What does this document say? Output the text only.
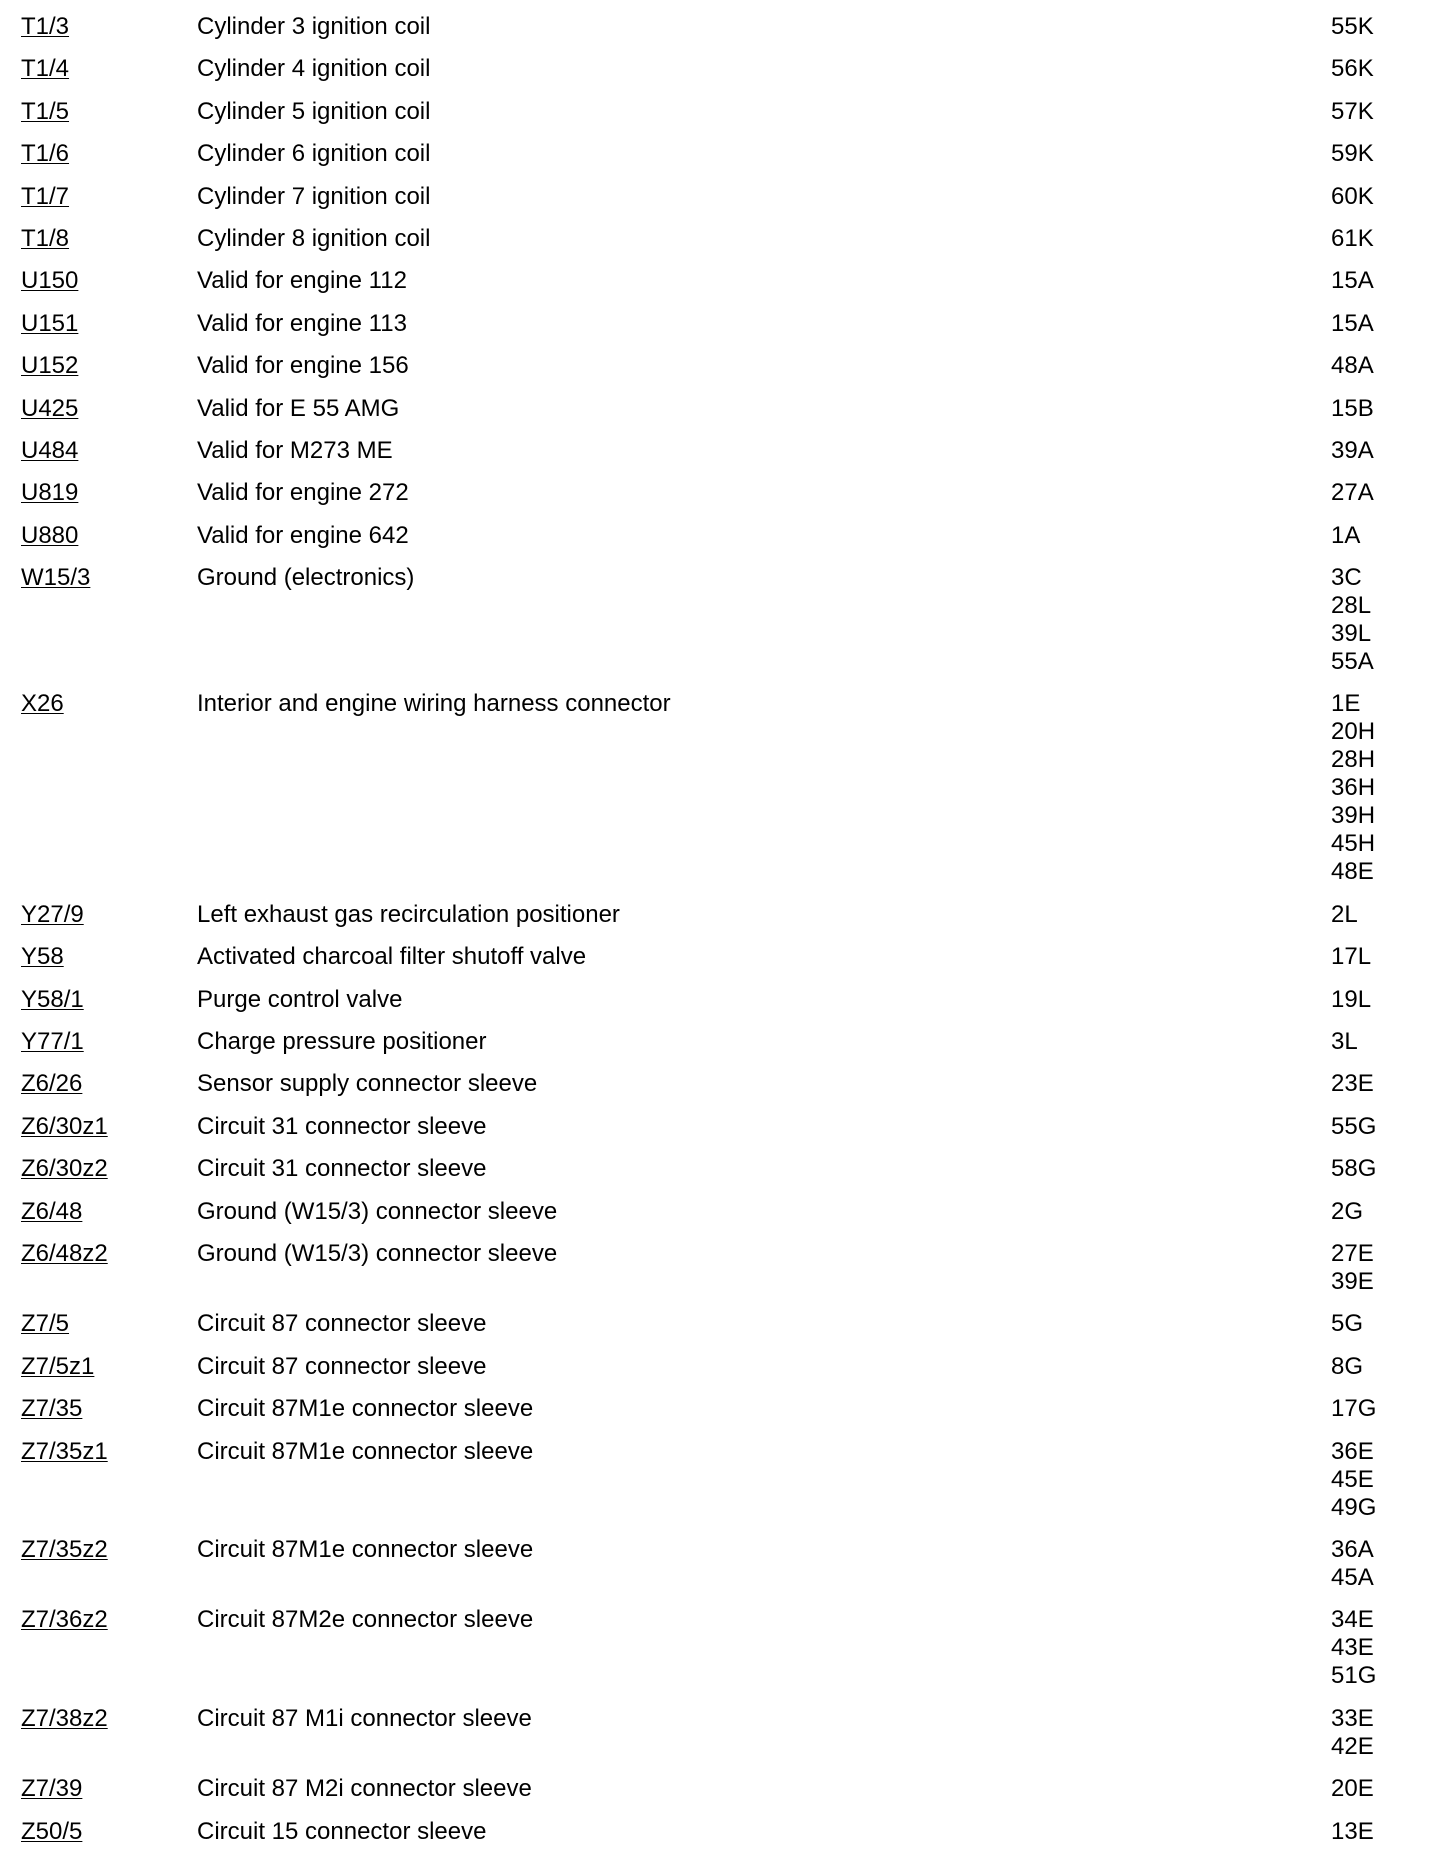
T1/3	Cylinder 3 ignition coil	55K
T1/4	Cylinder 4 ignition coil	56K
T1/5	Cylinder 5 ignition coil	57K
T1/6	Cylinder 6 ignition coil	59K
T1/7	Cylinder 7 ignition coil	60K
T1/8	Cylinder 8 ignition coil	61K
U150	Valid for engine 112	15A
U151	Valid for engine 113	15A
U152	Valid for engine 156	48A
U425	Valid for E 55 AMG	15B
U484	Valid for M273 ME	39A
U819	Valid for engine 272	27A
U880	Valid for engine 642	1A
W15/3	Ground (electronics)	3C
28L
39L
55A
X26	Interior and engine wiring harness connector	1E
20H
28H
36H
39H
45H
48E
Y27/9	Left exhaust gas recirculation positioner	2L
Y58	Activated charcoal filter shutoff valve	17L
Y58/1	Purge control valve	19L
Y77/1	Charge pressure positioner	3L
Z6/26	Sensor supply connector sleeve	23E
Z6/30z1	Circuit 31 connector sleeve	55G
Z6/30z2	Circuit 31 connector sleeve	58G
Z6/48	Ground (W15/3) connector sleeve	2G
Z6/48z2	Ground (W15/3) connector sleeve	27E
39E
Z7/5	Circuit 87 connector sleeve	5G
Z7/5z1	Circuit 87 connector sleeve	8G
Z7/35	Circuit 87M1e connector sleeve	17G
Z7/35z1	Circuit 87M1e connector sleeve	36E
45E
49G
Z7/35z2	Circuit 87M1e connector sleeve	36A
45A
Z7/36z2	Circuit 87M2e connector sleeve	34E
43E
51G
Z7/38z2	Circuit 87 M1i connector sleeve	33E
42E
Z7/39	Circuit 87 M2i connector sleeve	20E
Z50/5	Circuit 15 connector sleeve	13E
